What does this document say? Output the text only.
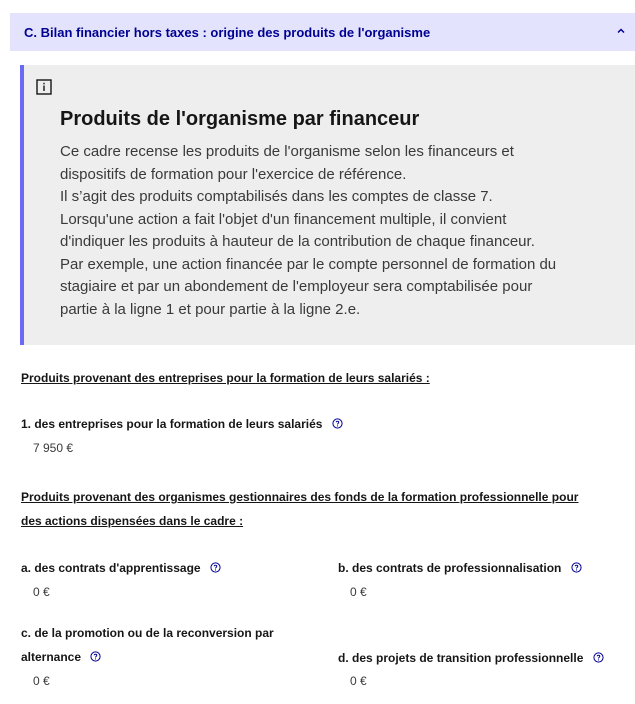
C. Bilan financier hors taxes : origine des produits de l'organisme
Produits de l'organisme par financeur

Ce cadre recense les produits de l'organisme selon les financeurs et
dispositifs de formation pour l'exercice de référence.
Il s’agit des produits comptabilisés dans les comptes de classe 7.
Lorsqu'une action a fait l'objet d'un financement multiple, il convient
d'indiquer les produits à hauteur de la contribution de chaque financeur.
Par exemple, une action financée par le compte personnel de formation du
stagiaire et par un abondement de l'employeur sera comptabilisée pour
partie à la ligne 1 et pour partie à la ligne 2.e.

Produits provenant des entreprises pour la formation de leurs salariés :
1. des entreprises pour la formation de leurs salariés
7 950 €
Produits provenant des organismes gestionnaires des fonds de la formation professionnelle pour
des actions dispensées dans le cadre :
a. des contrats d'apprentissage
0 €
b. des contrats de professionnalisation
0 €
c. de la promotion ou de la reconversion par
alternance
0 €
d. des projets de transition professionnelle
0 €
